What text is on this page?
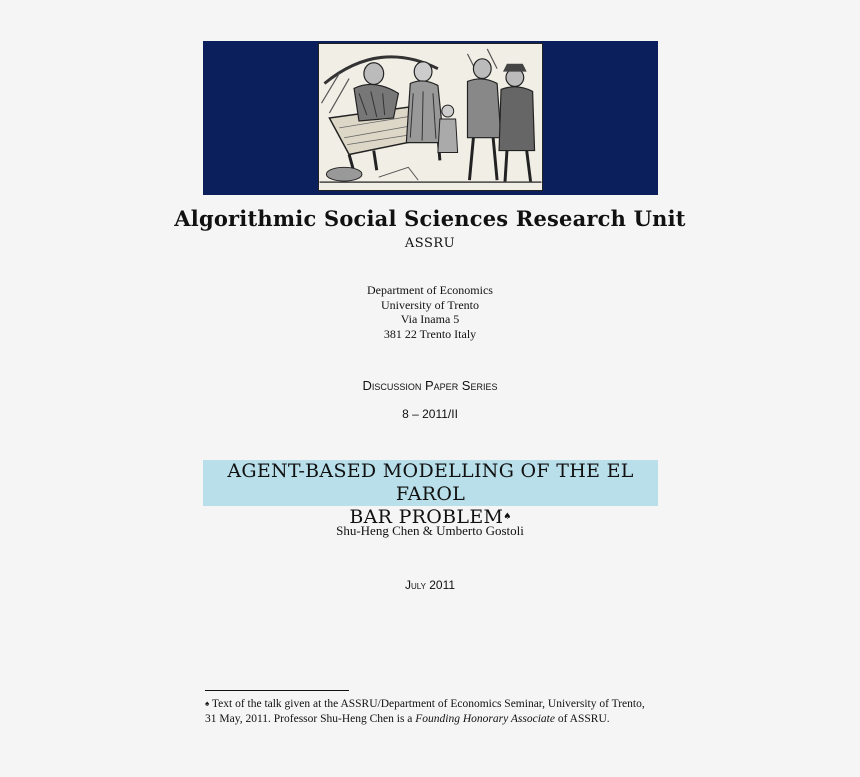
Algorithmic Social Sciences Research Unit
ASSRU
Department of Economics
University of Trento
Via Inama 5
381 22 Trento Italy
Discussion Paper Series
8 – 2011/II
AGENT-BASED MODELLING OF THE EL FAROL
BAR PROBLEM♠
Shu-Heng Chen & Umberto Gostoli
July 2011
♠ Text of the talk given at the ASSRU/Department of Economics Seminar, University of Trento, 31 May, 2011. Professor Shu-Heng Chen is a Founding Honorary Associate of ASSRU.
